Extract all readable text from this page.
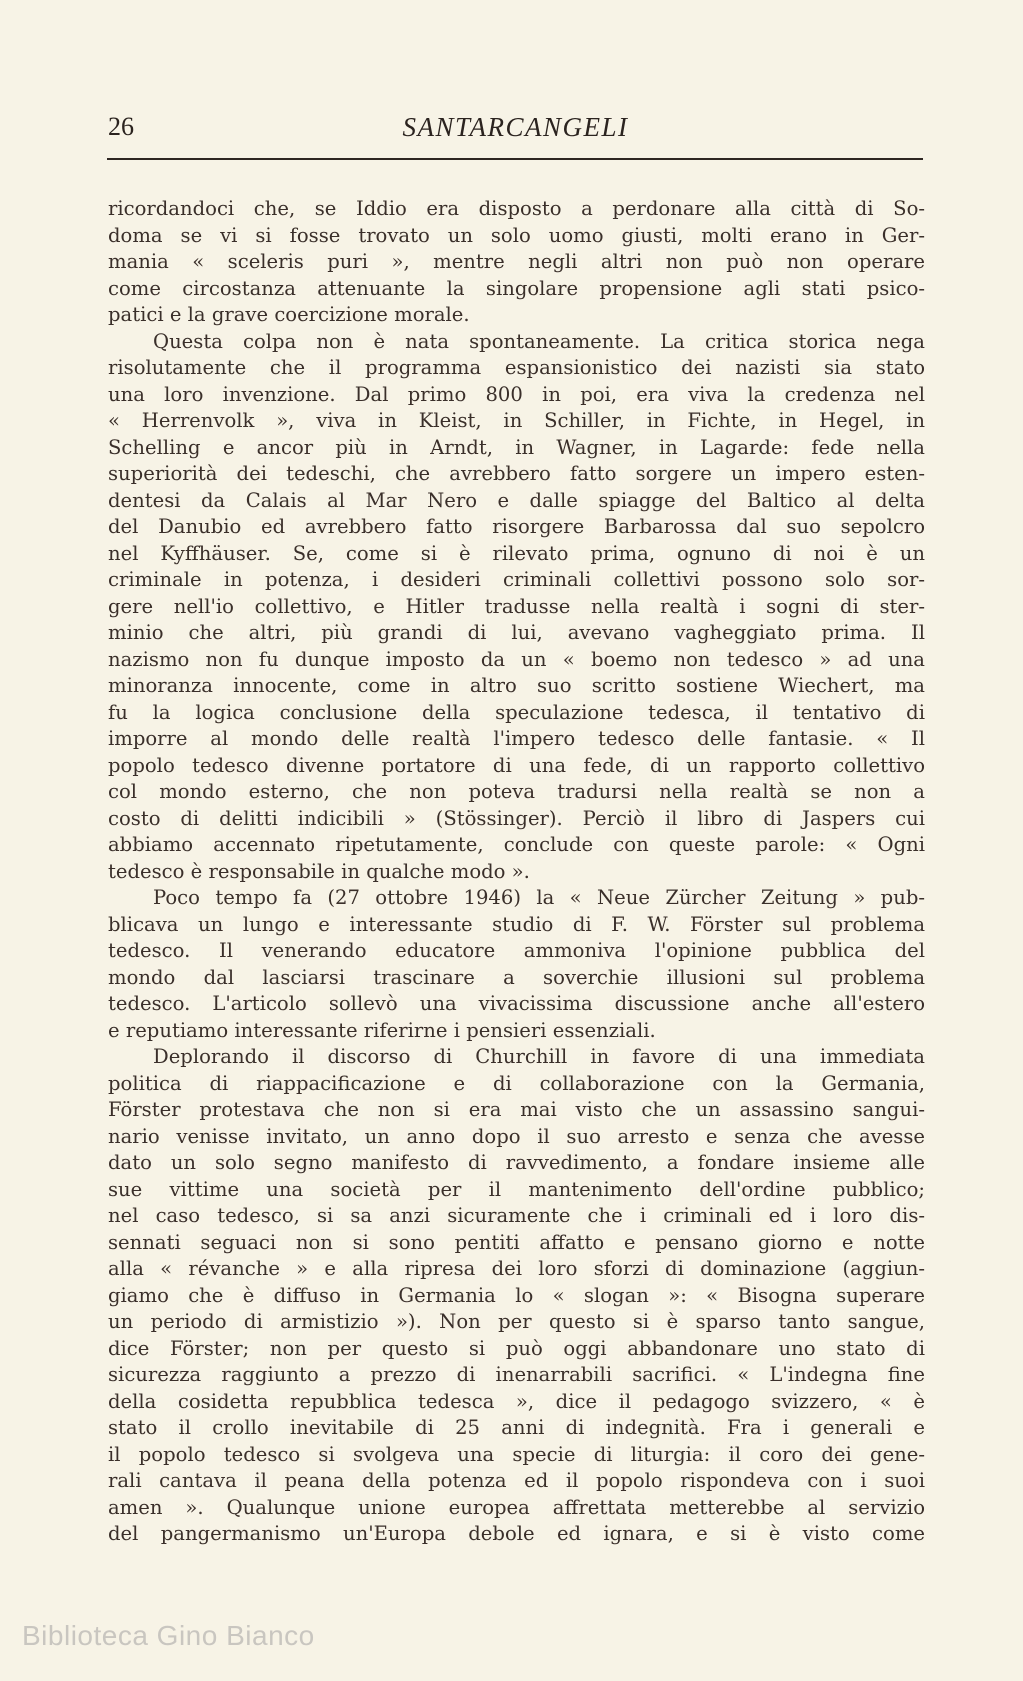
26	SANTARCANGELI
ricordandoci che, se Iddio era disposto a perdonare alla città di So-
doma se vi si fosse trovato un solo uomo giusti, molti erano in Ger-
mania « sceleris puri », mentre negli altri non può non operare
come circostanza attenuante la singolare propensione agli stati psico-
patici e la grave coercizione morale.
Questa colpa non è nata spontaneamente. La critica storica nega
risolutamente che il programma espansionistico dei nazisti sia stato
una loro invenzione. Dal primo 800 in poi, era viva la credenza nel
« Herrenvolk », viva in Kleist, in Schiller, in Fichte, in Hegel, in
Schelling e ancor più in Arndt, in Wagner, in Lagarde: fede nella
superiorità dei tedeschi, che avrebbero fatto sorgere un impero esten-
dentesi da Calais al Mar Nero e dalle spiagge del Baltico al delta
del Danubio ed avrebbero fatto risorgere Barbarossa dal suo sepolcro
nel Kyffhäuser. Se, come si è rilevato prima, ognuno di noi è un
criminale in potenza, i desideri criminali collettivi possono solo sor-
gere nell'io collettivo, e Hitler tradusse nella realtà i sogni di ster-
minio che altri, più grandi di lui, avevano vagheggiato prima. Il
nazismo non fu dunque imposto da un « boemo non tedesco » ad una
minoranza innocente, come in altro suo scritto sostiene Wiechert, ma
fu la logica conclusione della speculazione tedesca, il tentativo di
imporre al mondo delle realtà l'impero tedesco delle fantasie. « Il
popolo tedesco divenne portatore di una fede, di un rapporto collettivo
col mondo esterno, che non poteva tradursi nella realtà se non a
costo di delitti indicibili » (Stössinger). Perciò il libro di Jaspers cui
abbiamo accennato ripetutamente, conclude con queste parole: « Ogni
tedesco è responsabile in qualche modo ».
Poco tempo fa (27 ottobre 1946) la « Neue Zürcher Zeitung » pub-
blicava un lungo e interessante studio di F. W. Förster sul problema
tedesco. Il venerando educatore ammoniva l'opinione pubblica del
mondo dal lasciarsi trascinare a soverchie illusioni sul problema
tedesco. L'articolo sollevò una vivacissima discussione anche all'estero
e reputiamo interessante riferirne i pensieri essenziali.
Deplorando il discorso di Churchill in favore di una immediata
politica di riappacificazione e di collaborazione con la Germania,
Förster protestava che non si era mai visto che un assassino sangui-
nario venisse invitato, un anno dopo il suo arresto e senza che avesse
dato un solo segno manifesto di ravvedimento, a fondare insieme alle
sue vittime una società per il mantenimento dell'ordine pubblico;
nel caso tedesco, si sa anzi sicuramente che i criminali ed i loro dis-
sennati seguaci non si sono pentiti affatto e pensano giorno e notte
alla « révanche » e alla ripresa dei loro sforzi di dominazione (aggiun-
giamo che è diffuso in Germania lo « slogan »: « Bisogna superare
un periodo di armistizio »). Non per questo si è sparso tanto sangue,
dice Förster; non per questo si può oggi abbandonare uno stato di
sicurezza raggiunto a prezzo di inenarrabili sacrifici. « L'indegna fine
della cosidetta repubblica tedesca », dice il pedagogo svizzero, « è
stato il crollo inevitabile di 25 anni di indegnità. Fra i generali e
il popolo tedesco si svolgeva una specie di liturgia: il coro dei gene-
rali cantava il peana della potenza ed il popolo rispondeva con i suoi
amen ». Qualunque unione europea affrettata metterebbe al servizio
del pangermanismo un'Europa debole ed ignara, e si è visto come
Biblioteca Gino Bianco
